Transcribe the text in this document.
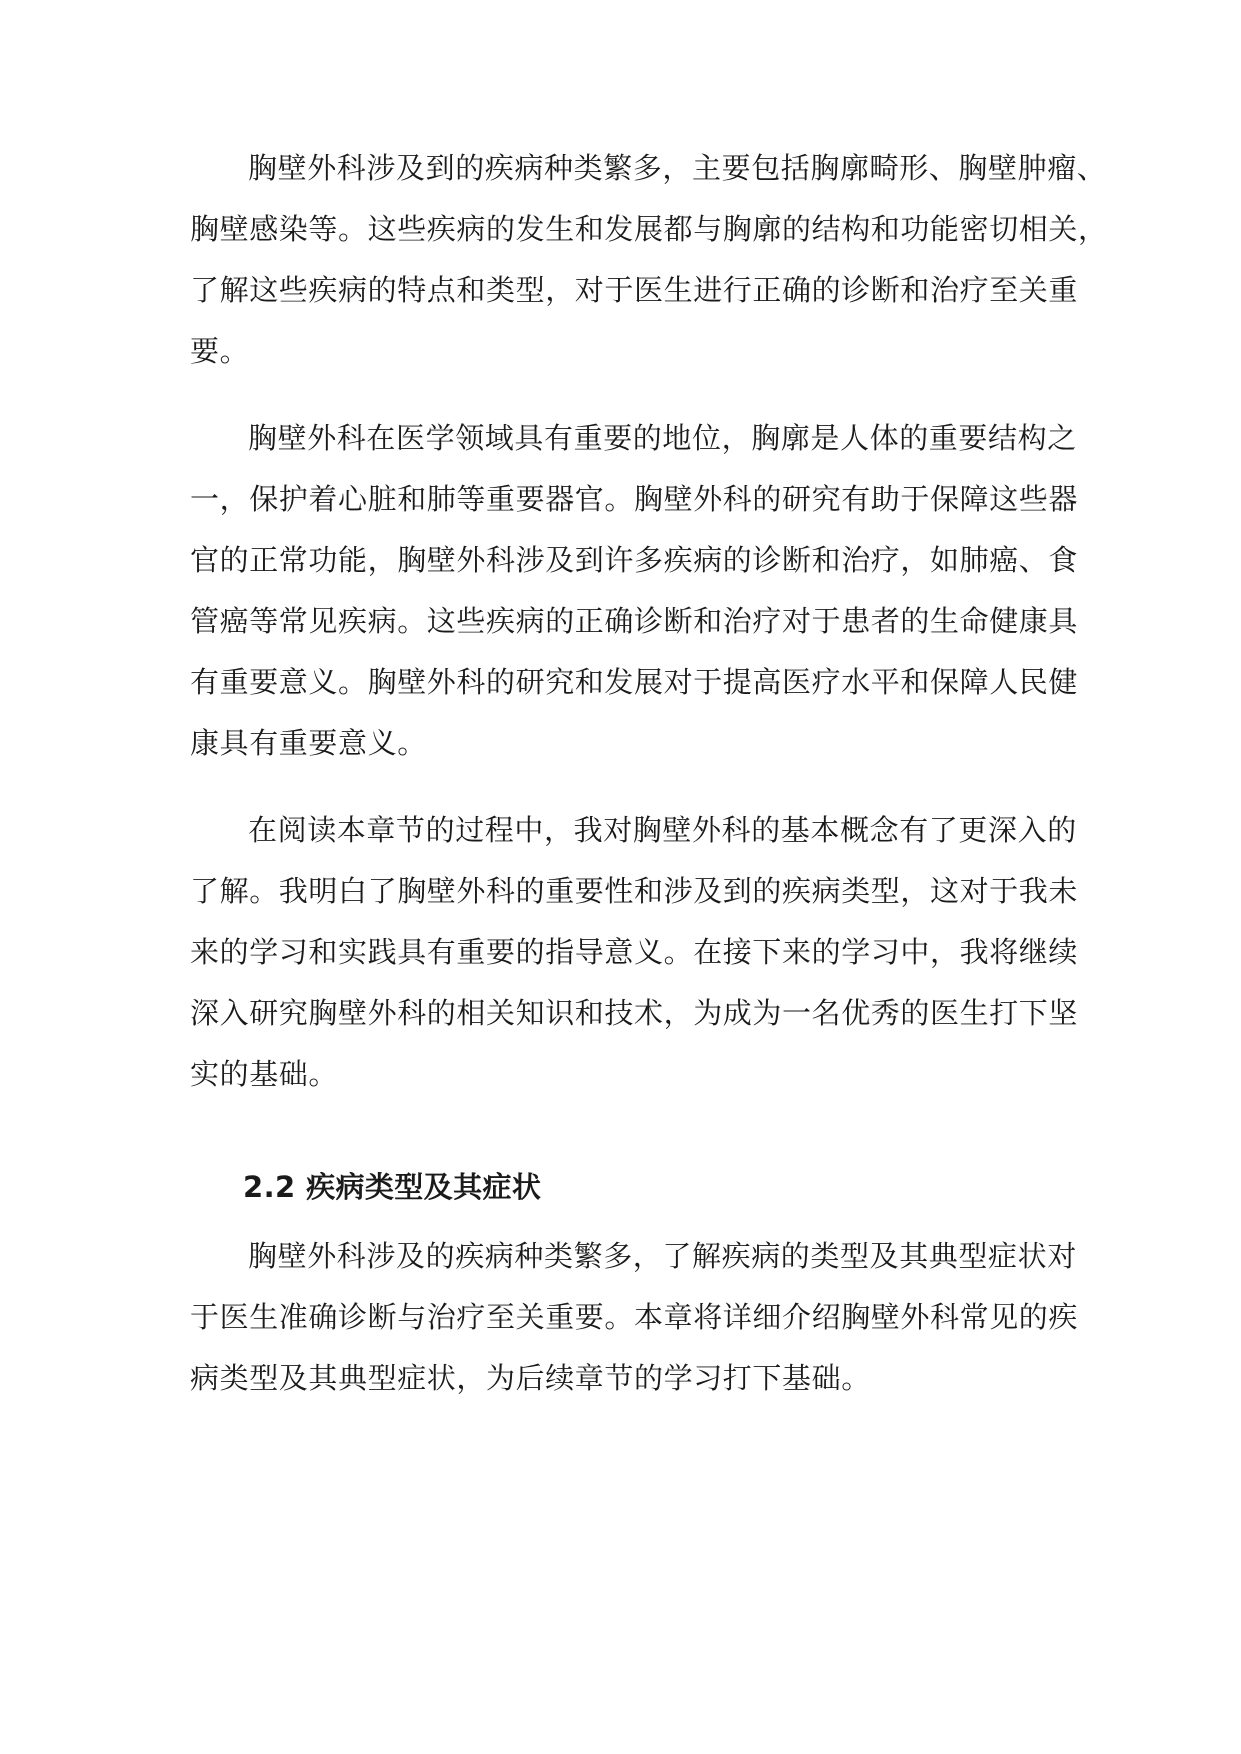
胸壁外科涉及到的疾病种类繁多，主要包括胸廓畸形、胸壁肿瘤、
胸壁感染等。这些疾病的发生和发展都与胸廓的结构和功能密切相关，
了解这些疾病的特点和类型，对于医生进行正确的诊断和治疗至关重
要。

胸壁外科在医学领域具有重要的地位，胸廓是人体的重要结构之
一，保护着心脏和肺等重要器官。胸壁外科的研究有助于保障这些器
官的正常功能，胸壁外科涉及到许多疾病的诊断和治疗，如肺癌、食
管癌等常见疾病。这些疾病的正确诊断和治疗对于患者的生命健康具
有重要意义。胸壁外科的研究和发展对于提高医疗水平和保障人民健
康具有重要意义。

在阅读本章节的过程中，我对胸壁外科的基本概念有了更深入的
了解。我明白了胸壁外科的重要性和涉及到的疾病类型，这对于我未
来的学习和实践具有重要的指导意义。在接下来的学习中，我将继续
深入研究胸壁外科的相关知识和技术，为成为一名优秀的医生打下坚
实的基础。

2.2 疾病类型及其症状

胸壁外科涉及的疾病种类繁多，了解疾病的类型及其典型症状对
于医生准确诊断与治疗至关重要。本章将详细介绍胸壁外科常见的疾
病类型及其典型症状，为后续章节的学习打下基础。
